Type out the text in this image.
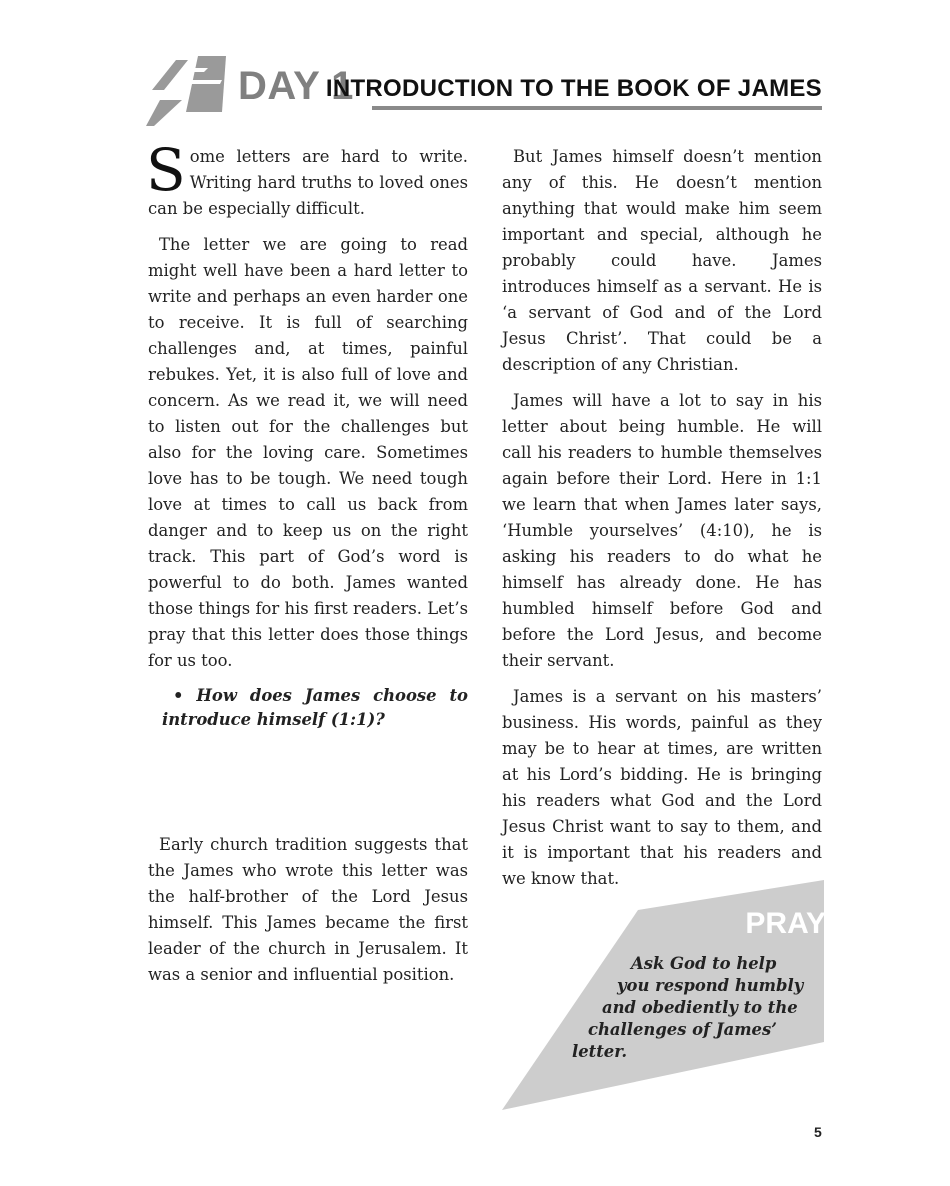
DAY 1
INTRODUCTION TO THE BOOK OF JAMES

Some letters are hard to write. Writing hard truths to loved ones can be especially difficult.

The letter we are going to read might well have been a hard letter to write and perhaps an even harder one to receive. It is full of searching challenges and, at times, painful rebukes. Yet, it is also full of love and concern. As we read it, we will need to listen out for the challenges but also for the loving care. Sometimes love has to be tough. We need tough love at times to call us back from danger and to keep us on the right track. This part of God’s word is powerful to do both. James wanted those things for his first readers. Let’s pray that this letter does those things for us too.

• How does James choose to introduce himself (1:1)?

Early church tradition suggests that the James who wrote this letter was the half-brother of the Lord Jesus himself. This James became the first leader of the church in Jerusalem. It was a senior and influential position.

But James himself doesn’t mention any of this. He doesn’t mention anything that would make him seem important and special, although he probably could have. James introduces himself as a servant. He is ‘a servant of God and of the Lord Jesus Christ’. That could be a description of any Christian.

James will have a lot to say in his letter about being humble. He will call his readers to humble themselves again before their Lord. Here in 1:1 we learn that when James later says, ‘Humble yourselves’ (4:10), he is asking his readers to do what he himself has already done. He has humbled himself before God and before the Lord Jesus, and become their servant.

James is a servant on his masters’ business. His words, painful as they may be to hear at times, are written at his Lord’s bidding. He is bringing his readers what God and the Lord Jesus Christ want to say to them, and it is important that his readers and we know that.

PRAY
Ask God to help
you respond humbly
and obediently to the
challenges of James’
letter.
5
